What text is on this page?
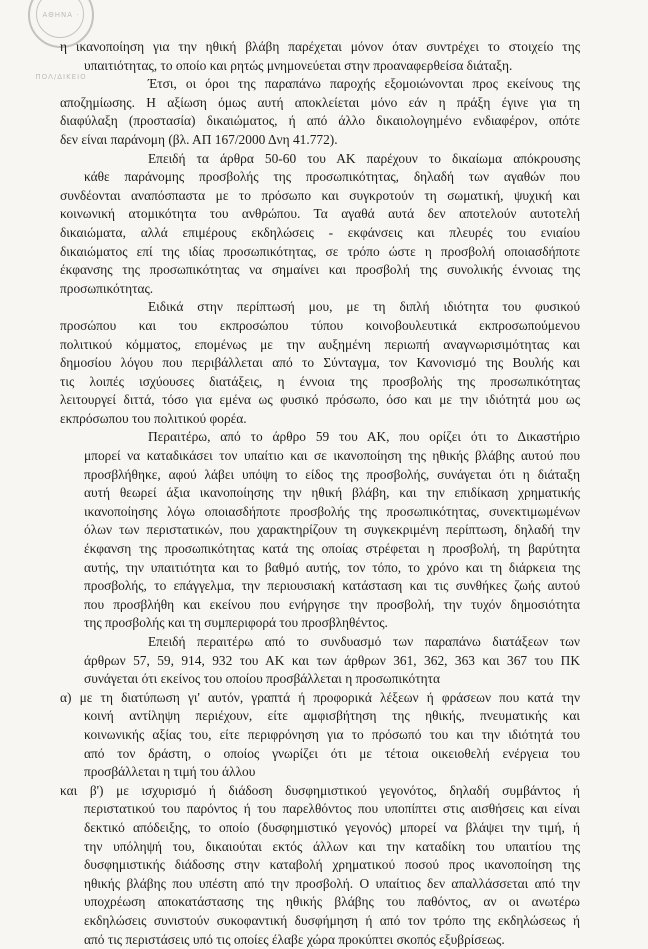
ΑΘΗΝΑ · ΠΟΛ/ΔΙΚΕΙΟ
η ικανοποίηση για την ηθική βλάβη παρέχεται μόνον όταν συντρέχει το στοιχείο της
υπαιτιότητας, το οποίο και ρητώς μνημονεύεται στην προαναφερθείσα διάταξη.
Έτσι, οι όροι της παραπάνω παροχής εξομοιώνονται προς εκείνους της
αποζημίωσης. Η αξίωση όμως αυτή αποκλείεται μόνο εάν η πράξη έγινε για τη
διαφύλαξη (προστασία) δικαιώματος, ή από άλλο δικαιολογημένο ενδιαφέρον, οπότε
δεν είναι παράνομη (βλ. ΑΠ 167/2000 Δνη 41.772).
Επειδή τα άρθρα 50-60 του ΑΚ παρέχουν το δικαίωμα απόκρουσης
κάθε παράνομης προσβολής της προσωπικότητας, δηλαδή των αγαθών που
συνδέονται αναπόσπαστα με το πρόσωπο και συγκροτούν τη σωματική, ψυχική και
κοινωνική ατομικότητα του ανθρώπου. Τα αγαθά αυτά δεν αποτελούν αυτοτελή
δικαιώματα, αλλά επιμέρους εκδηλώσεις - εκφάνσεις και πλευρές του ενιαίου
δικαιώματος επί της ιδίας προσωπικότητας, σε τρόπο ώστε η προσβολή οποιασδήποτε
έκφανσης της προσωπικότητας να σημαίνει και προσβολή της συνολικής έννοιας της
προσωπικότητας.
Ειδικά στην περίπτωσή μου, με τη διπλή ιδιότητα του φυσικού
προσώπου και του εκπροσώπου τύπου κοινοβουλευτικά εκπροσωπούμενου
πολιτικού κόμματος, επομένως με την αυξημένη περιωπή αναγνωρισιμότητας και
δημοσίου λόγου που περιβάλλεται από το Σύνταγμα, τον Κανονισμό της Βουλής και
τις λοιπές ισχύουσες διατάξεις, η έννοια της προσβολής της προσωπικότητας
λειτουργεί διττά, τόσο για εμένα ως φυσικό πρόσωπο, όσο και με την ιδιότητά μου ως
εκπρόσωπου του πολιτικού φορέα.
Περαιτέρω, από το άρθρο 59 του ΑΚ, που ορίζει ότι το Δικαστήριο
μπορεί να καταδικάσει τον υπαίτιο και σε ικανοποίηση της ηθικής βλάβης αυτού που
προσβλήθηκε, αφού λάβει υπόψη το είδος της προσβολής, συνάγεται ότι η διάταξη
αυτή θεωρεί άξια ικανοποίησης την ηθική βλάβη, και την επιδίκαση χρηματικής
ικανοποίησης λόγω οποιασδήποτε προσβολής της προσωπικότητας, συνεκτιμωμένων
όλων των περιστατικών, που χαρακτηρίζουν τη συγκεκριμένη περίπτωση, δηλαδή την
έκφανση της προσωπικότητας κατά της οποίας στρέφεται η προσβολή, τη βαρύτητα
αυτής, την υπαιτιότητα και το βαθμό αυτής, τον τόπο, το χρόνο και τη διάρκεια της
προσβολής, το επάγγελμα, την περιουσιακή κατάσταση και τις συνθήκες ζωής αυτού
που προσβλήθη και εκείνου που ενήργησε την προσβολή, την τυχόν δημοσιότητα
της προσβολής και τη συμπεριφορά του προσβληθέντος.
Επειδή περαιτέρω από το συνδυασμό των παραπάνω διατάξεων των
άρθρων 57, 59, 914, 932 του ΑΚ και των άρθρων 361, 362, 363 και 367 του ΠΚ
συνάγεται ότι εκείνος του οποίου προσβάλλεται η προσωπικότητα
α) με τη διατύπωση γι' αυτόν, γραπτά ή προφορικά λέξεων ή φράσεων που κατά την
κοινή αντίληψη περιέχουν, είτε αμφισβήτηση της ηθικής, πνευματικής και
κοινωνικής αξίας του, είτε περιφρόνηση για το πρόσωπό του και την ιδιότητά του
από τον δράστη, ο οποίος γνωρίζει ότι με τέτοια οικειοθελή ενέργεια του
προσβάλλεται η τιμή του άλλου
και β') με ισχυρισμό ή διάδοση δυσφημιστικού γεγονότος, δηλαδή συμβάντος ή
περιστατικού του παρόντος ή του παρελθόντος που υποπίπτει στις αισθήσεις και είναι
δεκτικό απόδειξης, το οποίο (δυσφημιστικό γεγονός) μπορεί να βλάψει την τιμή, ή
την υπόληψή του, δικαιούται εκτός άλλων και την καταδίκη του υπαιτίου της
δυσφημιστικής διάδοσης στην καταβολή χρηματικού ποσού προς ικανοποίηση της
ηθικής βλάβης που υπέστη από την προσβολή. Ο υπαίτιος δεν απαλλάσσεται από την
υποχρέωση αποκατάστασης της ηθικής βλάβης του παθόντος, αν οι ανωτέρω
εκδηλώσεις συνιστούν συκοφαντική δυσφήμηση ή από τον τρόπο της εκδηλώσεως ή
από τις περιστάσεις υπό τις οποίες έλαβε χώρα προκύπτει σκοπός εξυβρίσεως.
